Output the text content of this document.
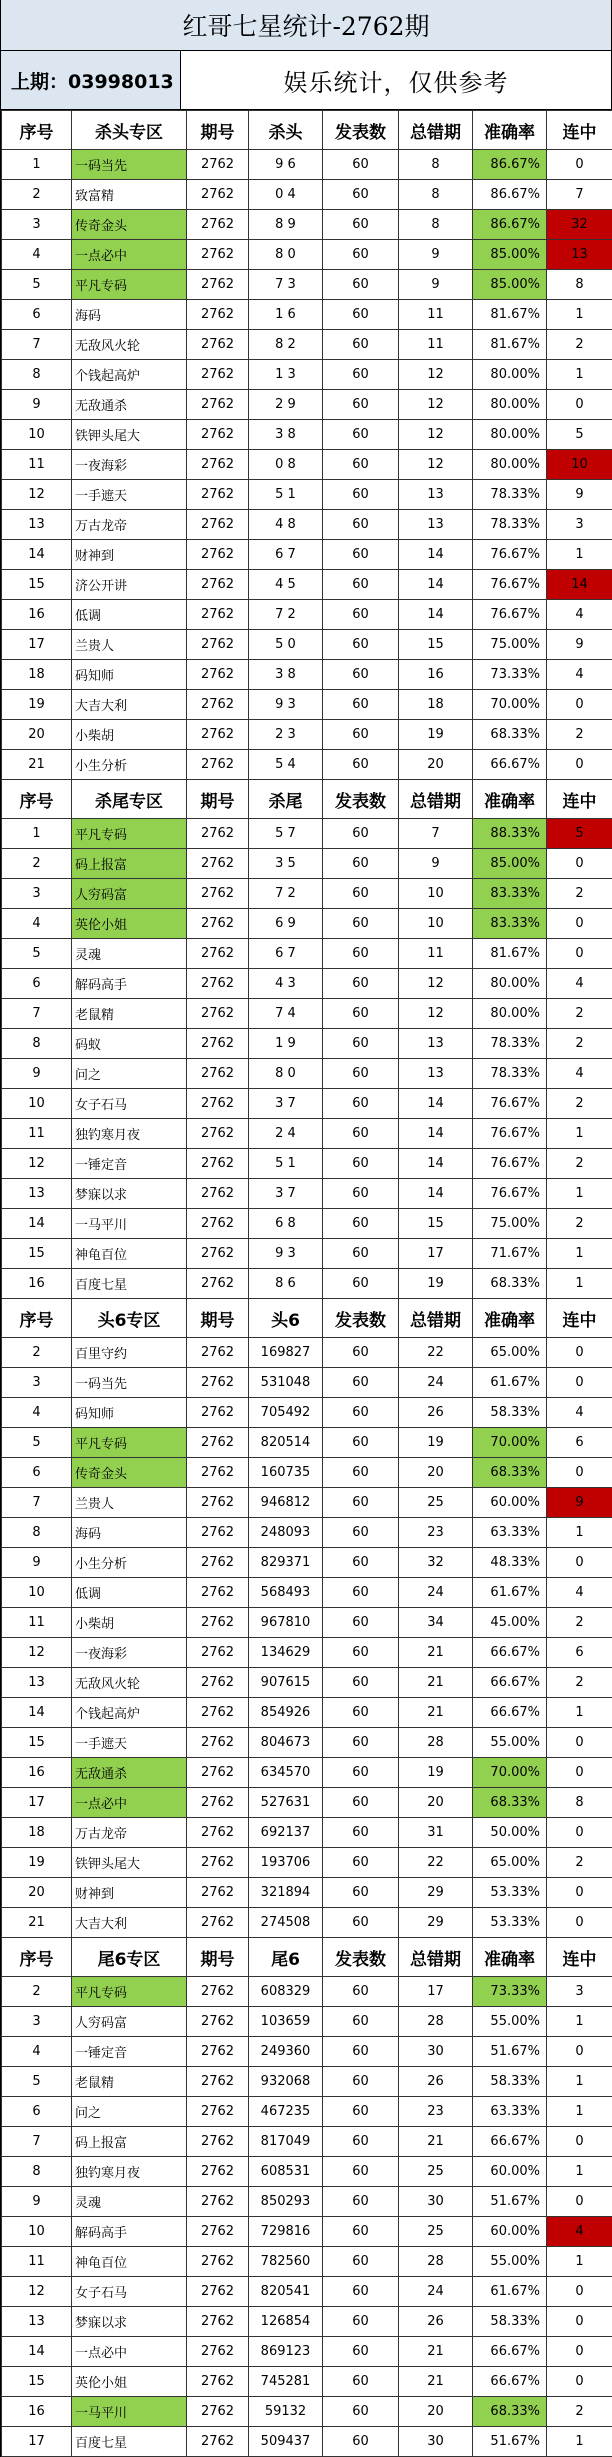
红哥七星统计-2762期
上期：03998013	娱乐统计，仅供参考
序号	杀头专区	期号	杀头	发表数	总错期	准确率	连中
1	一码当先	2762	9 6	60	8	86.67%	0
2	致富精	2762	0 4	60	8	86.67%	7
3	传奇金头	2762	8 9	60	8	86.67%	32
4	一点必中	2762	8 0	60	9	85.00%	13
5	平凡专码	2762	7 3	60	9	85.00%	8
6	海码	2762	1 6	60	11	81.67%	1
7	无敌风火轮	2762	8 2	60	11	81.67%	2
8	个钱起高炉	2762	1 3	60	12	80.00%	1
9	无敌通杀	2762	2 9	60	12	80.00%	0
10	铁钾头尾大	2762	3 8	60	12	80.00%	5
11	一夜海彩	2762	0 8	60	12	80.00%	10
12	一手遮天	2762	5 1	60	13	78.33%	9
13	万古龙帝	2762	4 8	60	13	78.33%	3
14	财神到	2762	6 7	60	14	76.67%	1
15	济公开讲	2762	4 5	60	14	76.67%	14
16	低调	2762	7 2	60	14	76.67%	4
17	兰贵人	2762	5 0	60	15	75.00%	9
18	码知师	2762	3 8	60	16	73.33%	4
19	大吉大利	2762	9 3	60	18	70.00%	0
20	小柴胡	2762	2 3	60	19	68.33%	2
21	小生分析	2762	5 4	60	20	66.67%	0
序号	杀尾专区	期号	杀尾	发表数	总错期	准确率	连中
1	平凡专码	2762	5 7	60	7	88.33%	5
2	码上报富	2762	3 5	60	9	85.00%	0
3	人穷码富	2762	7 2	60	10	83.33%	2
4	英伦小姐	2762	6 9	60	10	83.33%	0
5	灵魂	2762	6 7	60	11	81.67%	0
6	解码高手	2762	4 3	60	12	80.00%	4
7	老鼠精	2762	7 4	60	12	80.00%	2
8	码蚁	2762	1 9	60	13	78.33%	2
9	问之	2762	8 0	60	13	78.33%	4
10	女子石马	2762	3 7	60	14	76.67%	2
11	独钓寒月夜	2762	2 4	60	14	76.67%	1
12	一锤定音	2762	5 1	60	14	76.67%	2
13	梦寐以求	2762	3 7	60	14	76.67%	1
14	一马平川	2762	6 8	60	15	75.00%	2
15	神龟百位	2762	9 3	60	17	71.67%	1
16	百度七星	2762	8 6	60	19	68.33%	1
序号	头6专区	期号	头6	发表数	总错期	准确率	连中
2	百里守约	2762	169827	60	22	65.00%	0
3	一码当先	2762	531048	60	24	61.67%	0
4	码知师	2762	705492	60	26	58.33%	4
5	平凡专码	2762	820514	60	19	70.00%	6
6	传奇金头	2762	160735	60	20	68.33%	0
7	兰贵人	2762	946812	60	25	60.00%	9
8	海码	2762	248093	60	23	63.33%	1
9	小生分析	2762	829371	60	32	48.33%	0
10	低调	2762	568493	60	24	61.67%	4
11	小柴胡	2762	967810	60	34	45.00%	2
12	一夜海彩	2762	134629	60	21	66.67%	6
13	无敌风火轮	2762	907615	60	21	66.67%	2
14	个钱起高炉	2762	854926	60	21	66.67%	1
15	一手遮天	2762	804673	60	28	55.00%	0
16	无敌通杀	2762	634570	60	19	70.00%	0
17	一点必中	2762	527631	60	20	68.33%	8
18	万古龙帝	2762	692137	60	31	50.00%	0
19	铁钾头尾大	2762	193706	60	22	65.00%	2
20	财神到	2762	321894	60	29	53.33%	0
21	大吉大利	2762	274508	60	29	53.33%	0
序号	尾6专区	期号	尾6	发表数	总错期	准确率	连中
2	平凡专码	2762	608329	60	17	73.33%	3
3	人穷码富	2762	103659	60	28	55.00%	1
4	一锤定音	2762	249360	60	30	51.67%	0
5	老鼠精	2762	932068	60	26	58.33%	1
6	问之	2762	467235	60	23	63.33%	1
7	码上报富	2762	817049	60	21	66.67%	0
8	独钓寒月夜	2762	608531	60	25	60.00%	1
9	灵魂	2762	850293	60	30	51.67%	0
10	解码高手	2762	729816	60	25	60.00%	4
11	神龟百位	2762	782560	60	28	55.00%	1
12	女子石马	2762	820541	60	24	61.67%	0
13	梦寐以求	2762	126854	60	26	58.33%	0
14	一点必中	2762	869123	60	21	66.67%	0
15	英伦小姐	2762	745281	60	21	66.67%	0
16	一马平川	2762	59132	60	20	68.33%	2
17	百度七星	2762	509437	60	30	51.67%	1
